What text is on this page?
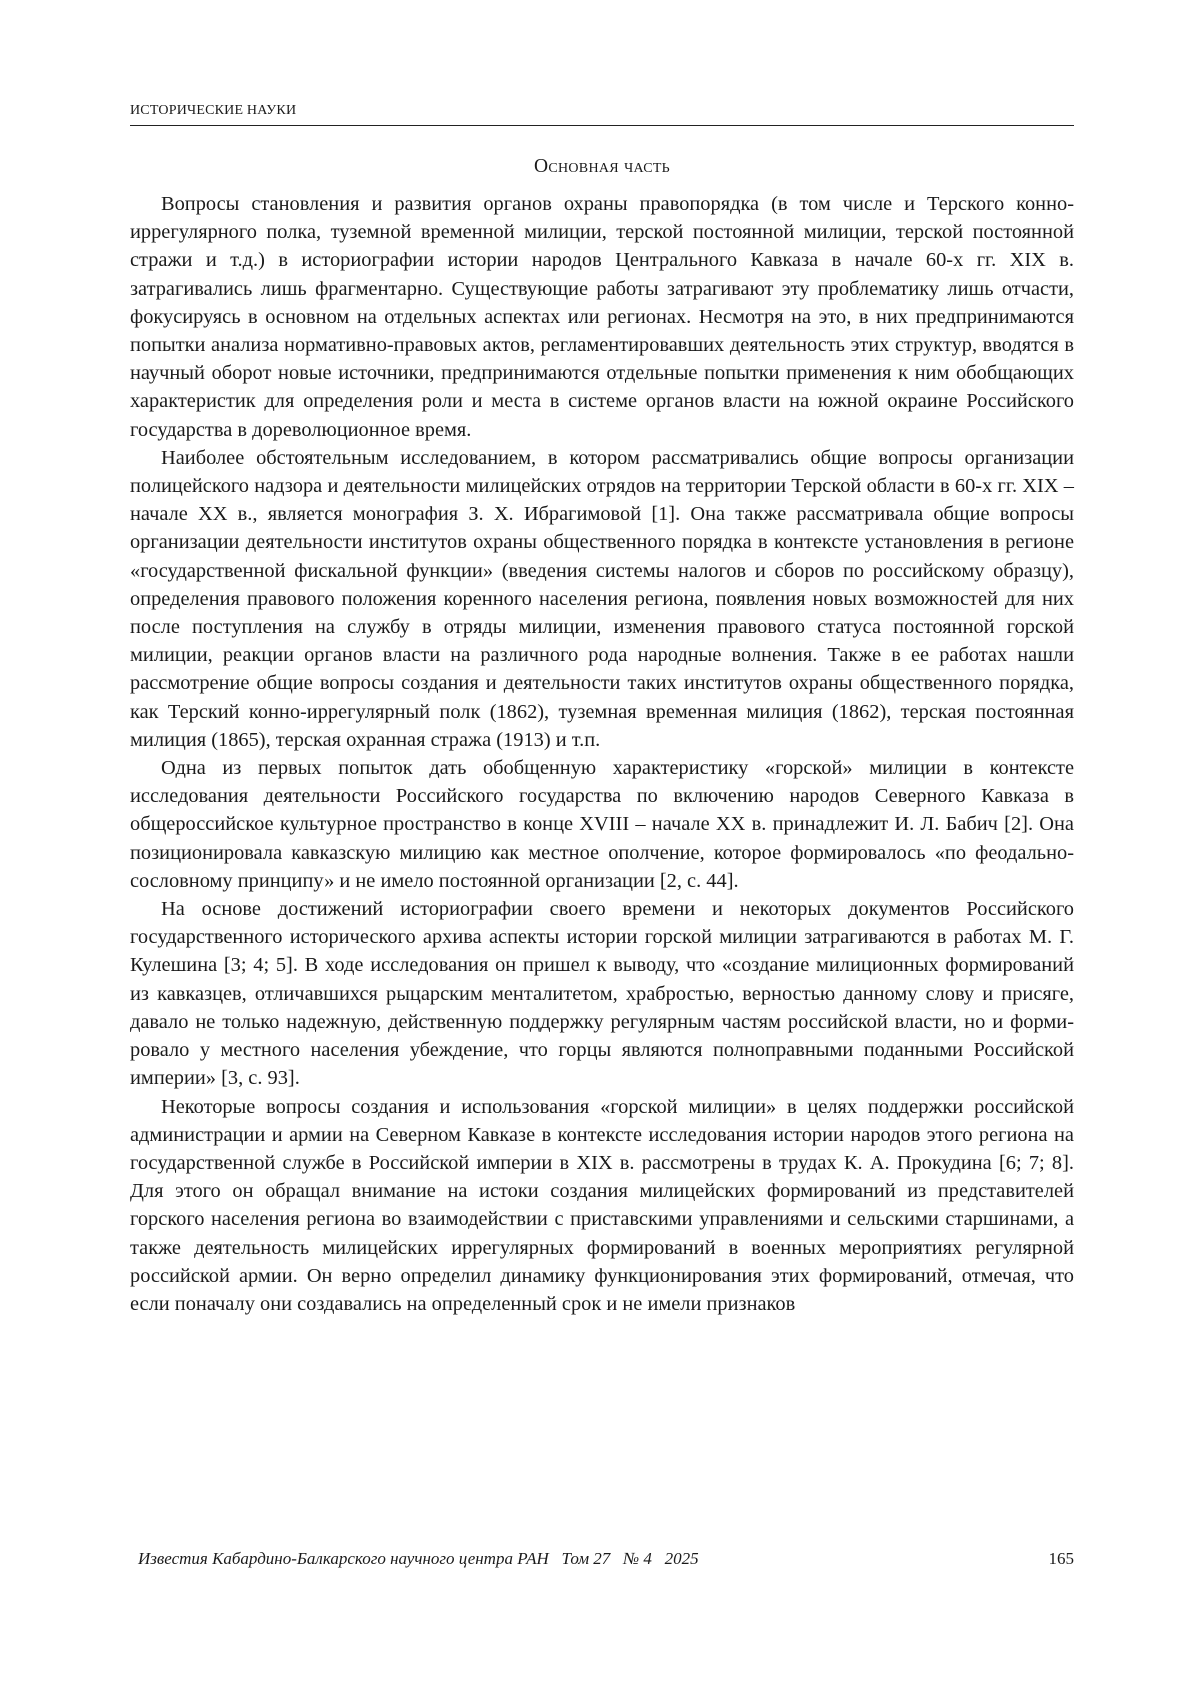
ИСТОРИЧЕСКИЕ НАУКИ
Основная часть

Вопросы становления и развития органов охраны правопорядка (в том числе и Терского конно-иррегулярного полка, туземной временной милиции, терской постоянной милиции, терской постоянной стражи и т.д.) в историографии истории народов Центрального Кавказа в начале 60-х гг. XIX в. затрагивались лишь фрагментарно. Существующие работы затрагивают эту проблематику лишь отчасти, фокусируясь в основном на отдельных аспектах или регионах. Несмотря на это, в них предпринимаются попытки анализа нормативно-правовых актов, регламентировавших деятельность этих структур, вводятся в научный оборот новые источники, предпринимаются отдельные попытки применения к ним обобщающих характеристик для определения роли и места в системе органов власти на южной окраине Российского государства в дореволюционное время.

Наиболее обстоятельным исследованием, в котором рассматривались общие вопросы организации полицейского надзора и деятельности милицейских отрядов на территории Терской области в 60-х гг. XIX – начале XX в., является монография З. Х. Ибрагимовой [1]. Она также рассматривала общие вопросы организации деятельности институтов охраны общественного порядка в контексте установления в регионе «государственной фискальной функции» (введения системы налогов и сборов по российскому образцу), определения правового положения коренного населения региона, появления новых возможностей для них после поступления на службу в отряды милиции, изменения правового статуса постоянной горской милиции, реакции органов власти на различного рода народные волнения. Также в ее работах нашли рассмотрение общие вопросы создания и деятельности таких институтов охраны общественного порядка, как Терский конно-иррегулярный полк (1862), туземная временная милиция (1862), терская постоянная милиция (1865), терская охранная стража (1913) и т.п.

Одна из первых попыток дать обобщенную характеристику «горской» милиции в контексте исследования деятельности Российского государства по включению народов Северного Кавказа в общероссийское культурное пространство в конце XVIII – начале XX в. принадлежит И. Л. Бабич [2]. Она позиционировала кавказскую милицию как местное ополчение, которое формировалось «по феодально-сословному принципу» и не имело постоянной организации [2, с. 44].

На основе достижений историографии своего времени и некоторых документов Российского государственного исторического архива аспекты истории горской милиции затрагиваются в работах М. Г. Кулешина [3; 4; 5]. В ходе исследования он пришел к выводу, что «создание милиционных формирований из кавказцев, отличавшихся рыцарским менталитетом, храбростью, верностью данному слову и присяге, давало не только надежную, действенную поддержку регулярным частям российской власти, но и формировало у местного населения убеждение, что горцы являются полноправными поданными Российской империи» [3, с. 93].

Некоторые вопросы создания и использования «горской милиции» в целях поддержки российской администрации и армии на Северном Кавказе в контексте исследования истории народов этого региона на государственной службе в Российской империи в XIX в. рассмотрены в трудах К. А. Прокудина [6; 7; 8]. Для этого он обращал внимание на истоки создания милицейских формирований из представителей горского населения региона во взаимодействии с приставскими управлениями и сельскими старшинами, а также деятельность милицейских иррегулярных формирований в военных мероприятиях регулярной российской армии. Он верно определил динамику функционирования этих формирований, отмечая, что если поначалу они создавались на определенный срок и не имели признаков

Известия Кабардино-Балкарского научного центра РАН   Том 27   № 4   2025	165
